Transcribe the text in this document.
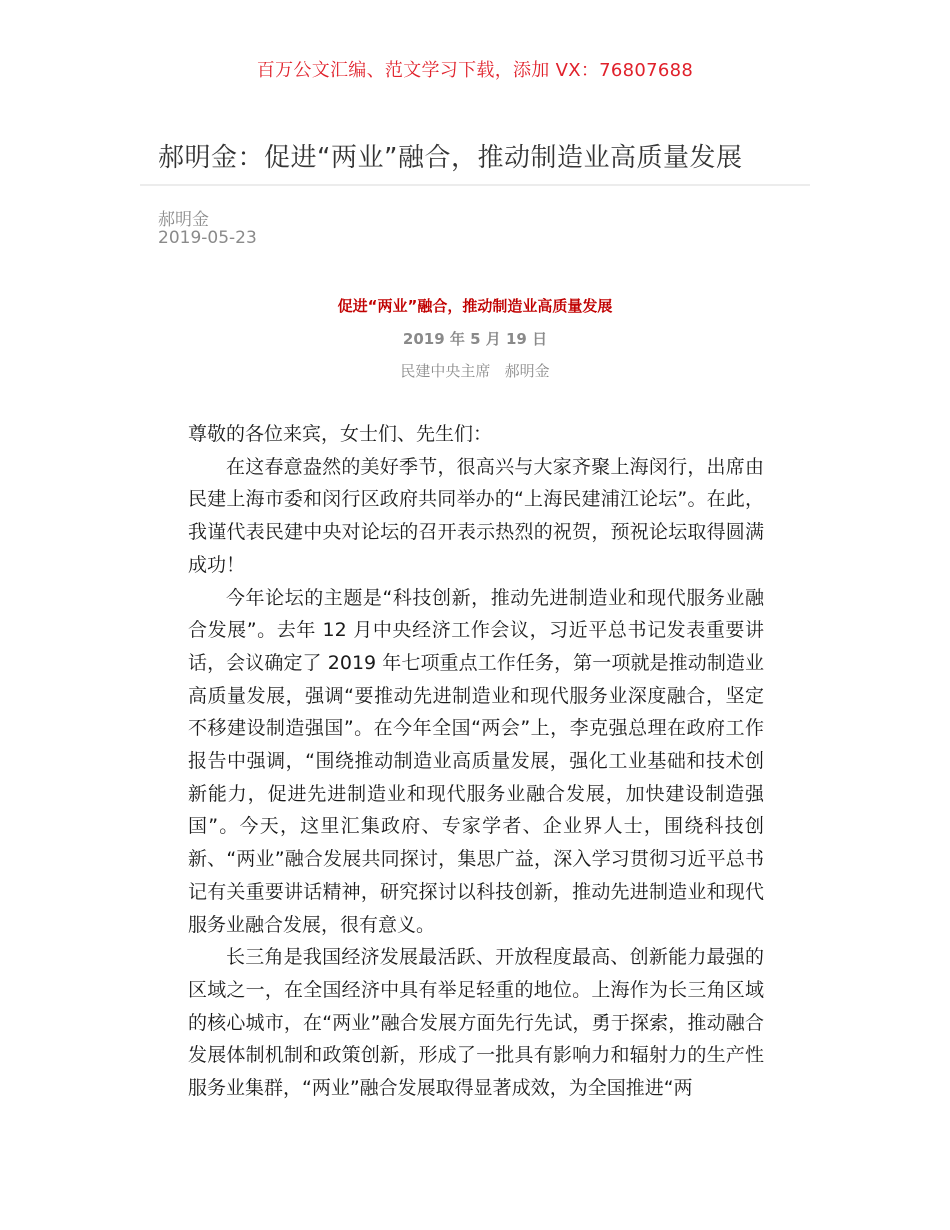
百万公文汇编、范文学习下载，添加 VX：76807688
郝明金：促进“两业”融合，推动制造业高质量发展
郝明金
2019-05-23
促进“两业”融合，推动制造业高质量发展
2019 年 5 月 19 日
民建中央主席   郝明金

尊敬的各位来宾，女士们、先生们：

在这春意盎然的美好季节，很高兴与大家齐聚上海闵行，出席由民建上海市委和闵行区政府共同举办的“上海民建浦江论坛”。在此，我谨代表民建中央对论坛的召开表示热烈的祝贺，预祝论坛取得圆满成功！

今年论坛的主题是“科技创新，推动先进制造业和现代服务业融合发展”。去年 12 月中央经济工作会议，习近平总书记发表重要讲话，会议确定了 2019 年七项重点工作任务，第一项就是推动制造业高质量发展，强调“要推动先进制造业和现代服务业深度融合，坚定不移建设制造强国”。在今年全国“两会”上，李克强总理在政府工作报告中强调，“围绕推动制造业高质量发展，强化工业基础和技术创新能力，促进先进制造业和现代服务业融合发展，加快建设制造强国”。今天，这里汇集政府、专家学者、企业界人士，围绕科技创新、“两业”融合发展共同探讨，集思广益，深入学习贯彻习近平总书记有关重要讲话精神，研究探讨以科技创新，推动先进制造业和现代服务业融合发展，很有意义。

长三角是我国经济发展最活跃、开放程度最高、创新能力最强的区域之一，在全国经济中具有举足轻重的地位。上海作为长三角区域的核心城市，在“两业”融合发展方面先行先试，勇于探索，推动融合发展体制机制和政策创新，形成了一批具有影响力和辐射力的生产性服务业集群，“两业”融合发展取得显著成效，为全国推进“两
